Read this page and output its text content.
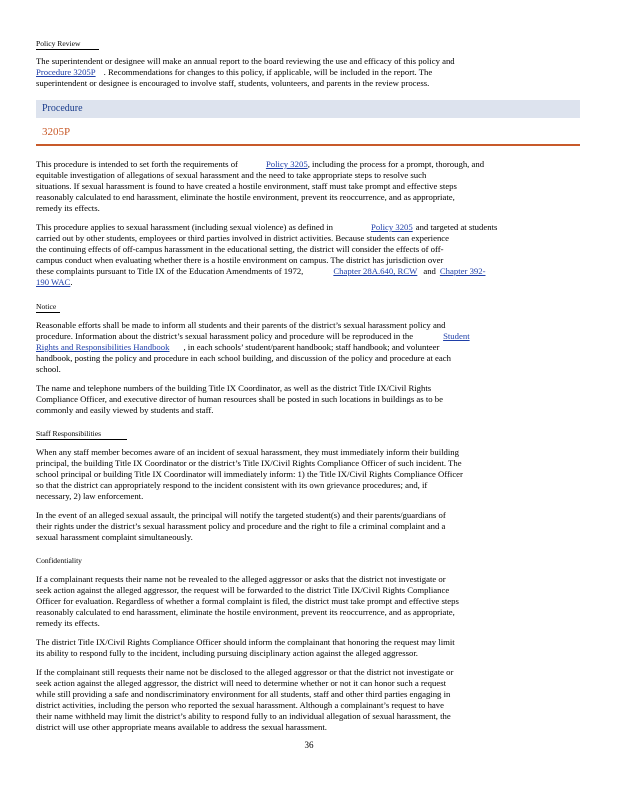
Policy Review
The superintendent or designee will make an annual report to the board reviewing the use and efficacy of this policy and
Procedure 3205P . Recommendations for changes to this policy, if applicable, will be included in the report. The
superintendent or designee is encouraged to involve staff, students, volunteers, and parents in the review process.
Procedure
3205P
This procedure is intended to set forth the requirements of	Policy 3205, including the process for a prompt, thorough, and
equitable investigation of allegations of sexual harassment and the need to take appropriate steps to resolve such
situations. If sexual harassment is found to have created a hostile environment, staff must take prompt and effective steps
reasonably calculated to end harassment, eliminate the hostile environment, prevent its reoccurrence, and as appropriate,
remedy its effects.
This procedure applies to sexual harassment (including sexual violence) as defined in	Policy 3205 and targeted at students
carried out by other students, employees or third parties involved in district activities. Because students can experience
the continuing effects of off-campus harassment in the educational setting, the district will consider the effects of off-
campus conduct when evaluating whether there is a hostile environment on campus. The district has jurisdiction over
these complaints pursuant to Title IX of the Education Amendments of 1972,	Chapter 28A.640, RCW and Chapter 392-
190 WAC.
Notice
Reasonable efforts shall be made to inform all students and their parents of the district’s sexual harassment policy and
procedure. Information about the district’s sexual harassment policy and procedure will be reproduced in the	Student
Rights and Responsibilities Handbook , in each schools’ student/parent handbook; staff handbook; and volunteer
handbook, posting the policy and procedure in each school building, and discussion of the policy and procedure at each
school.
The name and telephone numbers of the building Title IX Coordinator, as well as the district Title IX/Civil Rights
Compliance Officer, and executive director of human resources shall be posted in such locations in buildings as to be
commonly and easily viewed by students and staff.
Staff Responsibilities
When any staff member becomes aware of an incident of sexual harassment, they must immediately inform their building
principal, the building Title IX Coordinator or the district’s Title IX/Civil Rights Compliance Officer of such incident. The
school principal or building Title IX Coordinator will immediately inform: 1) the Title IX/Civil Rights Compliance Officer
so that the district can appropriately respond to the incident consistent with its own grievance procedures; and, if
necessary, 2) law enforcement.
In the event of an alleged sexual assault, the principal will notify the targeted student(s) and their parents/guardians of
their rights under the district’s sexual harassment policy and procedure and the right to file a criminal complaint and a
sexual harassment complaint simultaneously.
Confidentiality
If a complainant requests their name not be revealed to the alleged aggressor or asks that the district not investigate or
seek action against the alleged aggressor, the request will be forwarded to the district Title IX/Civil Rights Compliance
Officer for evaluation. Regardless of whether a formal complaint is filed, the district must take prompt and effective steps
reasonably calculated to end harassment, eliminate the hostile environment, prevent its reoccurrence, and as appropriate,
remedy its effects.
The district Title IX/Civil Rights Compliance Officer should inform the complainant that honoring the request may limit
its ability to respond fully to the incident, including pursuing disciplinary action against the alleged aggressor.
If the complainant still requests their name not be disclosed to the alleged aggressor or that the district not investigate or
seek action against the alleged aggressor, the district will need to determine whether or not it can honor such a request
while still providing a safe and nondiscriminatory environment for all students, staff and other third parties engaging in
district activities, including the person who reported the sexual harassment. Although a complainant’s request to have
their name withheld may limit the district’s ability to respond fully to an individual allegation of sexual harassment, the
district will use other appropriate means available to address the sexual harassment.
36
